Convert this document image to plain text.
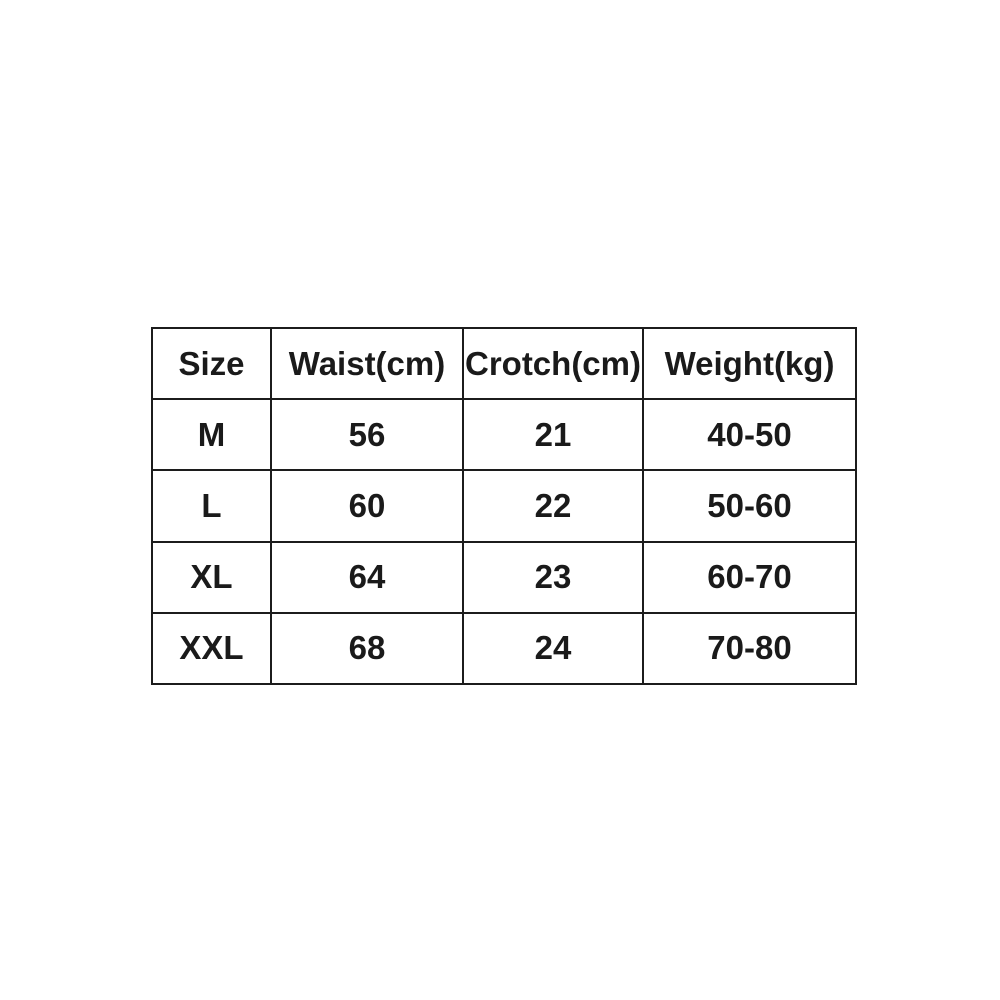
Size	Waist(cm)	Crotch(cm)	Weight(kg)
M	56	21	40-50
L	60	22	50-60
XL	64	23	60-70
XXL	68	24	70-80
